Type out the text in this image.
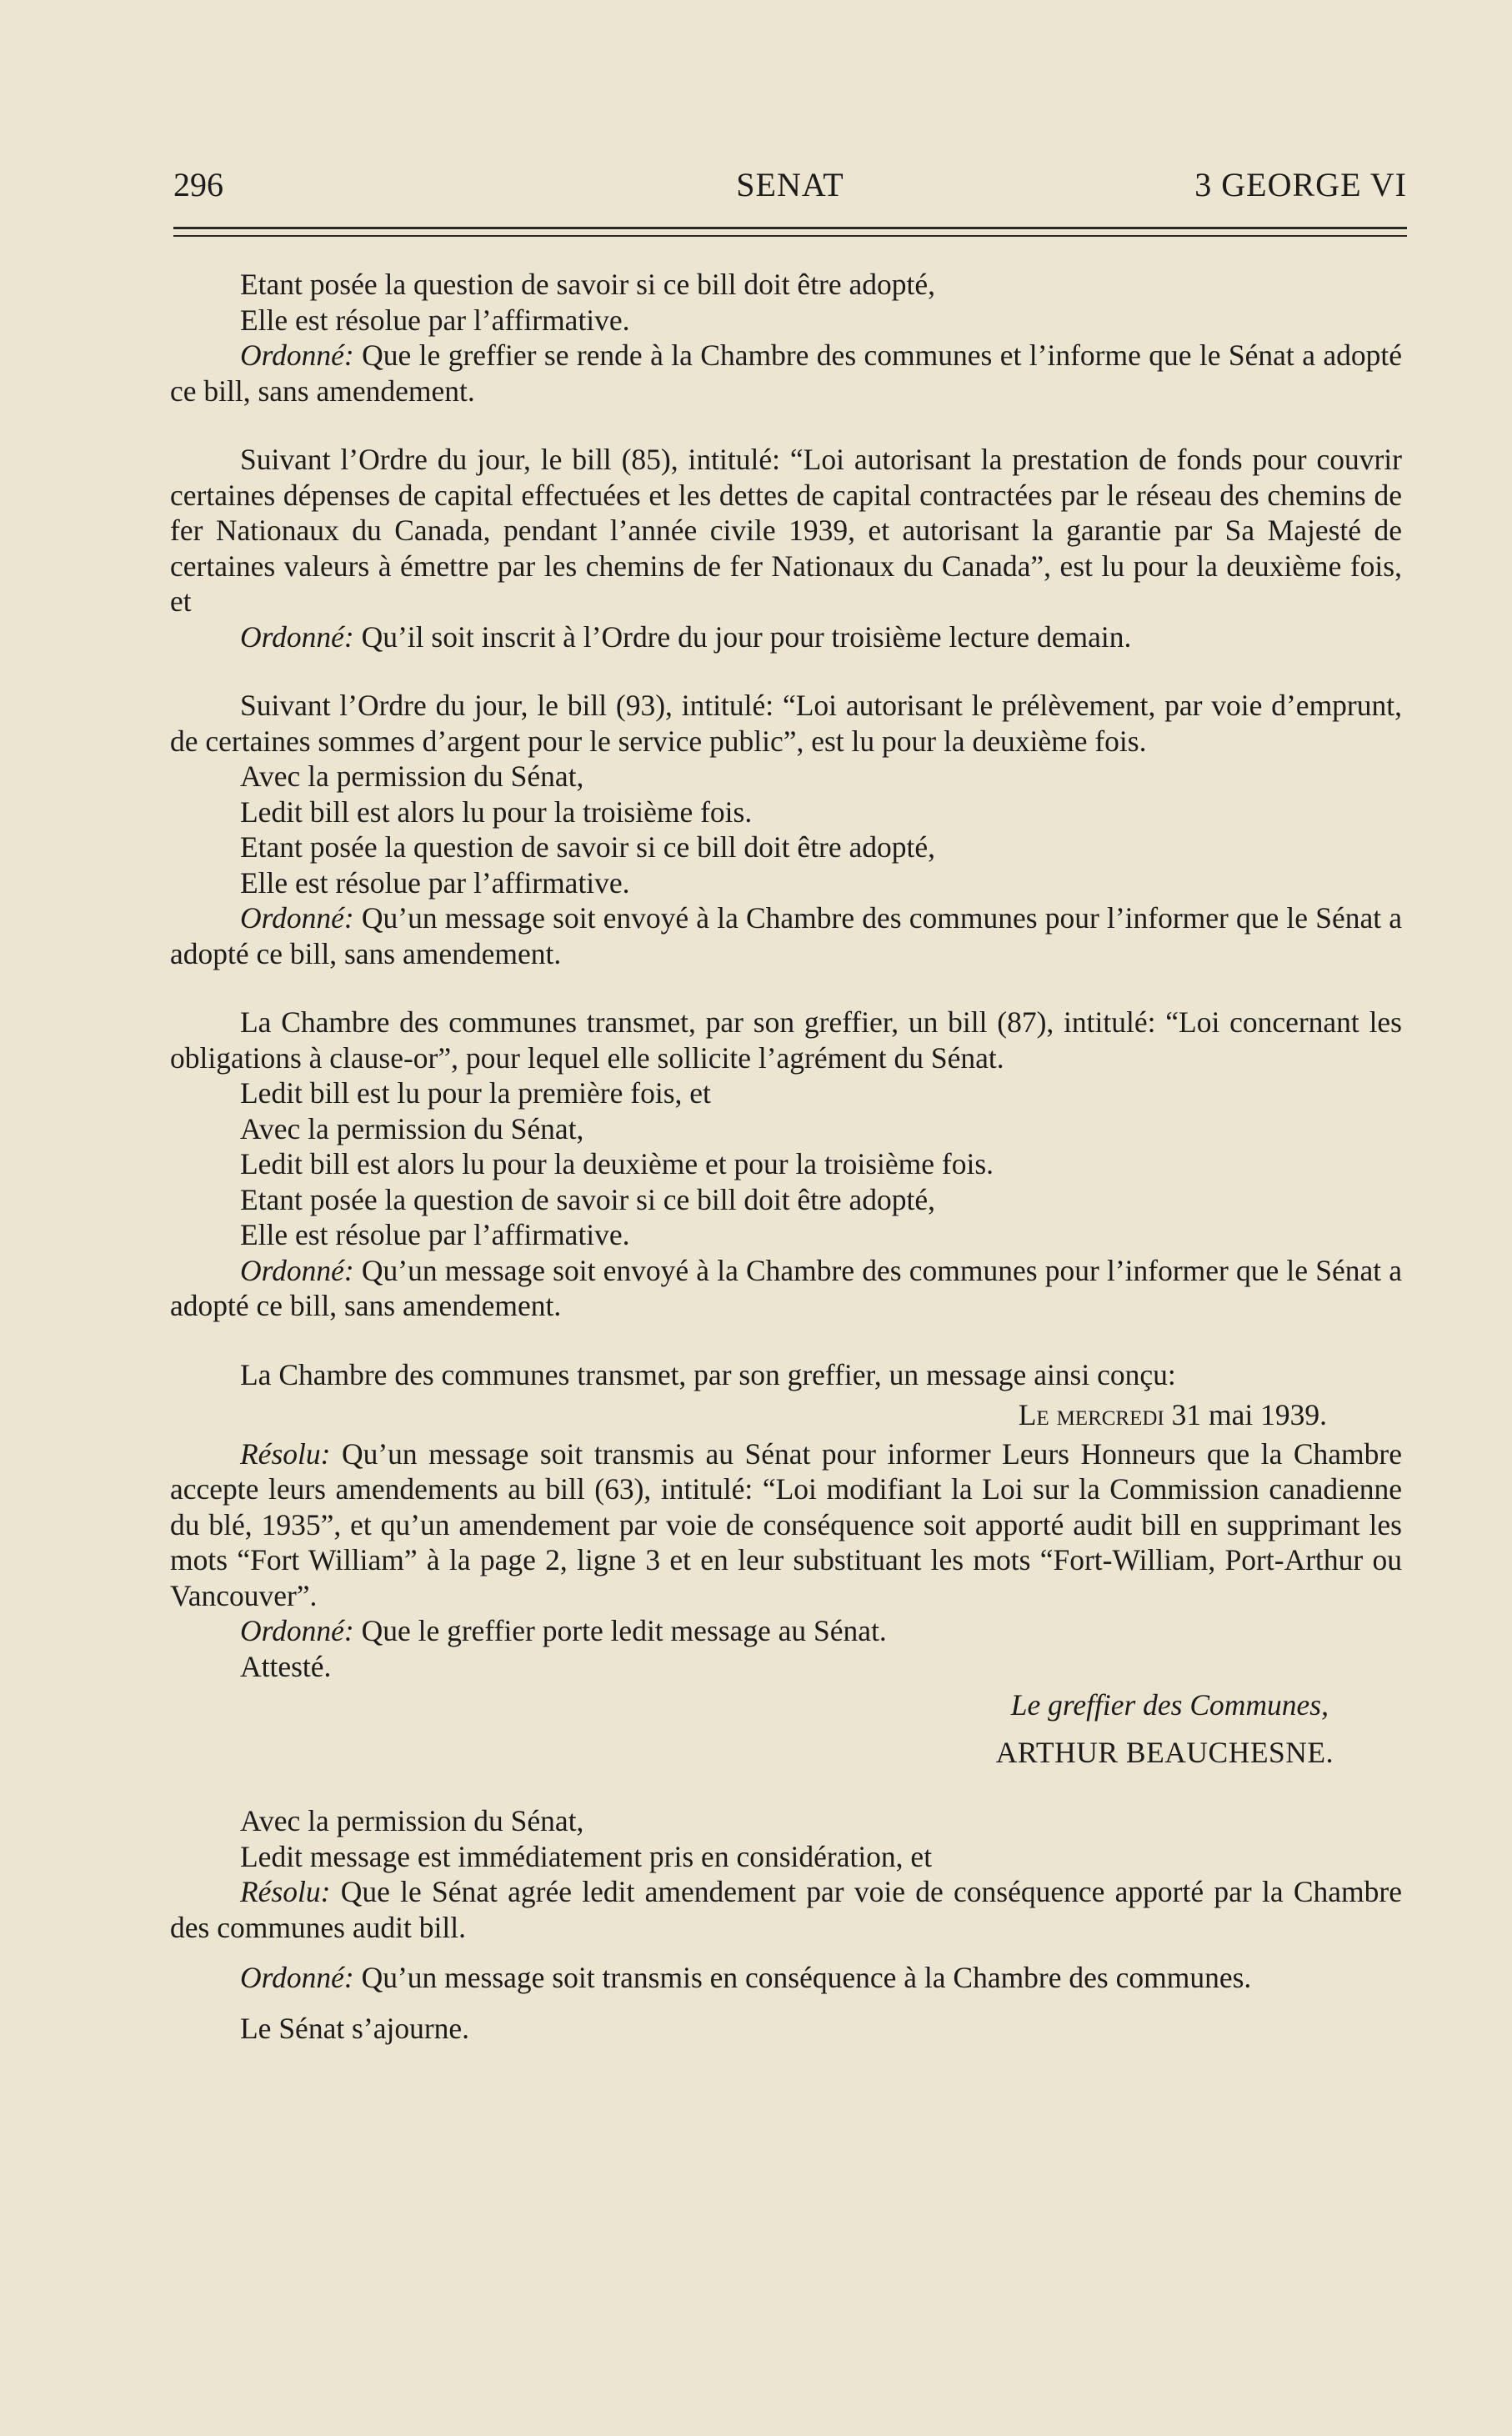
296	SENAT	3 GEORGE VI

Etant posée la question de savoir si ce bill doit être adopté,

Elle est résolue par l’affirmative.

Ordonné: Que le greffier se rende à la Chambre des communes et l’informe que le Sénat a adopté ce bill, sans amendement.

Suivant l’Ordre du jour, le bill (85), intitulé: “Loi autorisant la prestation de fonds pour couvrir certaines dépenses de capital effectuées et les dettes de capital contractées par le réseau des chemins de fer Nationaux du Canada, pendant l’année civile 1939, et autorisant la garantie par Sa Majesté de certaines valeurs à émettre par les chemins de fer Nationaux du Canada”, est lu pour la deuxième fois, et

Ordonné: Qu’il soit inscrit à l’Ordre du jour pour troisième lecture demain.

Suivant l’Ordre du jour, le bill (93), intitulé: “Loi autorisant le prélèvement, par voie d’emprunt, de certaines sommes d’argent pour le service public”, est lu pour la deuxième fois.

Avec la permission du Sénat,

Ledit bill est alors lu pour la troisième fois.

Etant posée la question de savoir si ce bill doit être adopté,

Elle est résolue par l’affirmative.

Ordonné: Qu’un message soit envoyé à la Chambre des communes pour l’informer que le Sénat a adopté ce bill, sans amendement.

La Chambre des communes transmet, par son greffier, un bill (87), intitulé: “Loi concernant les obligations à clause-or”, pour lequel elle sollicite l’agrément du Sénat.

Ledit bill est lu pour la première fois, et

Avec la permission du Sénat,

Ledit bill est alors lu pour la deuxième et pour la troisième fois.

Etant posée la question de savoir si ce bill doit être adopté,

Elle est résolue par l’affirmative.

Ordonné: Qu’un message soit envoyé à la Chambre des communes pour l’informer que le Sénat a adopté ce bill, sans amendement.

La Chambre des communes transmet, par son greffier, un message ainsi conçu:

Le mercredi 31 mai 1939.

Résolu: Qu’un message soit transmis au Sénat pour informer Leurs Honneurs que la Chambre accepte leurs amendements au bill (63), intitulé: “Loi modifiant la Loi sur la Commission canadienne du blé, 1935”, et qu’un amendement par voie de conséquence soit apporté audit bill en supprimant les mots “Fort William” à la page 2, ligne 3 et en leur substituant les mots “Fort-William, Port-Arthur ou Vancouver”.

Ordonné: Que le greffier porte ledit message au Sénat.

Attesté.

Le greffier des Communes,

ARTHUR BEAUCHESNE.

Avec la permission du Sénat,

Ledit message est immédiatement pris en considération, et

Résolu: Que le Sénat agrée ledit amendement par voie de conséquence apporté par la Chambre des communes audit bill.

Ordonné: Qu’un message soit transmis en conséquence à la Chambre des communes.

Le Sénat s’ajourne.
